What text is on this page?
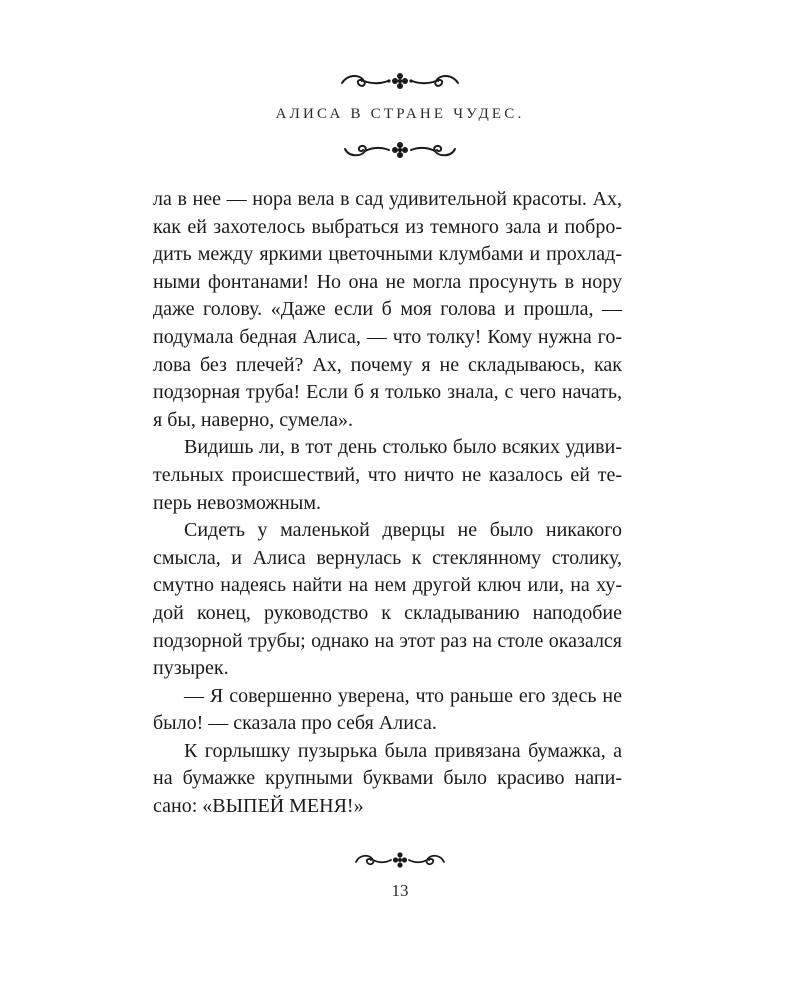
АЛИСА В СТРАНЕ ЧУДЕС.

ла в нее — нора вела в сад удивительной красоты. Ах, как ей захотелось выбраться из темного зала и побродить между яркими цветочными клумбами и прохладными фонтанами! Но она не могла просунуть в нору даже голову. «Даже если б моя голова и прошла, — подумала бедная Алиса, — что толку! Кому нужна голова без плечей? Ах, почему я не складываюсь, как подзорная труба! Если б я только знала, с чего начать, я бы, наверно, сумела».

Видишь ли, в тот день столько было всяких удивительных происшествий, что ничто не казалось ей теперь невозможным.

Сидеть у маленькой дверцы не было никакого смысла, и Алиса вернулась к стеклянному столику, смутно надеясь найти на нем другой ключ или, на худой конец, руководство к складыванию наподобие подзорной трубы; однако на этот раз на столе оказался пузырек.

— Я совершенно уверена, что раньше его здесь не было! — сказала про себя Алиса.

К горлышку пузырька была привязана бумажка, а на бумажке крупными буквами было красиво написано: «ВЫПЕЙ МЕНЯ!»

13
